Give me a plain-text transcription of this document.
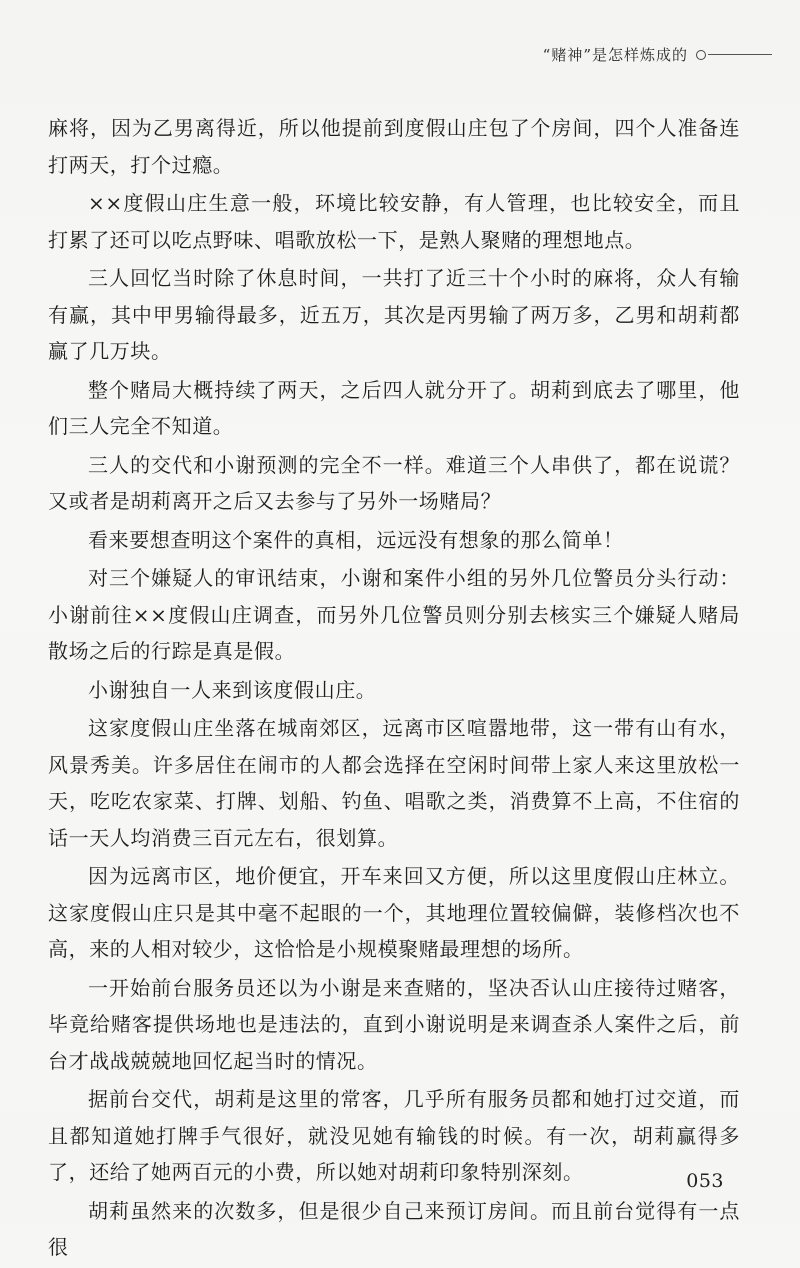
“赌神”是怎样炼成的

麻将，因为乙男离得近，所以他提前到度假山庄包了个房间，四个人准备连打两天，打个过瘾。

××度假山庄生意一般，环境比较安静，有人管理，也比较安全，而且打累了还可以吃点野味、唱歌放松一下，是熟人聚赌的理想地点。

三人回忆当时除了休息时间，一共打了近三十个小时的麻将，众人有输有赢，其中甲男输得最多，近五万，其次是丙男输了两万多，乙男和胡莉都赢了几万块。

整个赌局大概持续了两天，之后四人就分开了。胡莉到底去了哪里，他们三人完全不知道。

三人的交代和小谢预测的完全不一样。难道三个人串供了，都在说谎？又或者是胡莉离开之后又去参与了另外一场赌局？

看来要想查明这个案件的真相，远远没有想象的那么简单！

对三个嫌疑人的审讯结束，小谢和案件小组的另外几位警员分头行动：小谢前往××度假山庄调查，而另外几位警员则分别去核实三个嫌疑人赌局散场之后的行踪是真是假。

小谢独自一人来到该度假山庄。

这家度假山庄坐落在城南郊区，远离市区喧嚣地带，这一带有山有水，风景秀美。许多居住在闹市的人都会选择在空闲时间带上家人来这里放松一天，吃吃农家菜、打牌、划船、钓鱼、唱歌之类，消费算不上高，不住宿的话一天人均消费三百元左右，很划算。

因为远离市区，地价便宜，开车来回又方便，所以这里度假山庄林立。这家度假山庄只是其中毫不起眼的一个，其地理位置较偏僻，装修档次也不高，来的人相对较少，这恰恰是小规模聚赌最理想的场所。

一开始前台服务员还以为小谢是来查赌的，坚决否认山庄接待过赌客，毕竟给赌客提供场地也是违法的，直到小谢说明是来调查杀人案件之后，前台才战战兢兢地回忆起当时的情况。

据前台交代，胡莉是这里的常客，几乎所有服务员都和她打过交道，而且都知道她打牌手气很好，就没见她有输钱的时候。有一次，胡莉赢得多了，还给了她两百元的小费，所以她对胡莉印象特别深刻。

胡莉虽然来的次数多，但是很少自己来预订房间。而且前台觉得有一点很

053
